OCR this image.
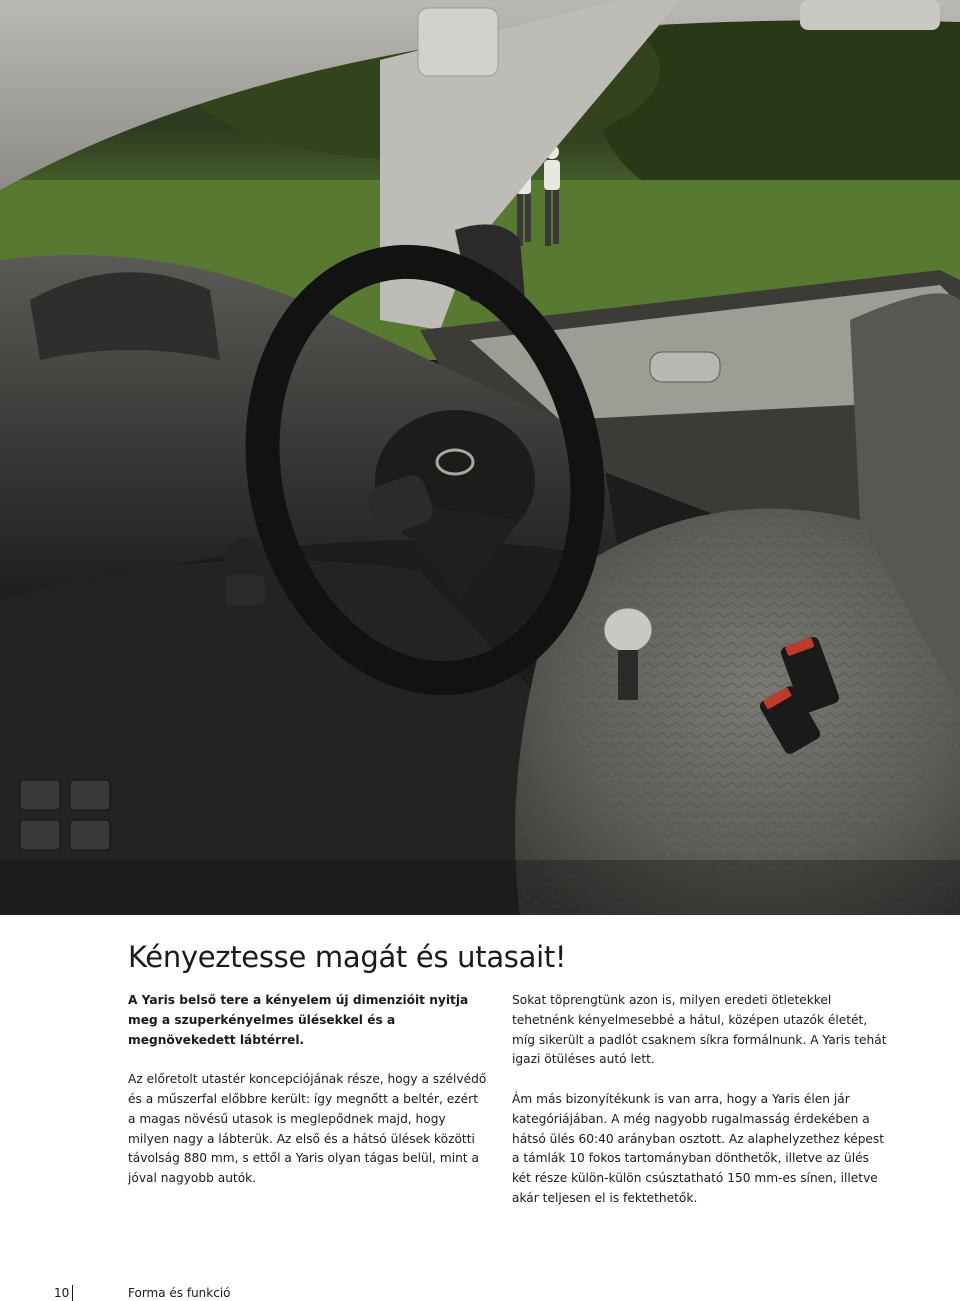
Kényeztesse magát és utasait!

A Yaris belső tere a kényelem új dimenzióit nyitja meg a szuperkényelmes ülésekkel és a megnövekedett lábtérrel.

Az előretolt utastér koncepciójának része, hogy a szélvédő és a műszerfal előbbre került: így megnőtt a beltér, ezért a magas növésű utasok is meglepődnek majd, hogy milyen nagy a lábterük. Az első és a hátsó ülések közötti távolság 880 mm, s ettől a Yaris olyan tágas belül, mint a jóval nagyobb autók.

Sokat töprengtünk azon is, milyen eredeti ötletekkel tehetnénk kényelmesebbé a hátul, középen utazók életét, míg sikerült a padlót csaknem síkra formálnunk. A Yaris tehát igazi ötüléses autó lett.

Ám más bizonyítékunk is van arra, hogy a Yaris élen jár kategóriájában. A még nagyobb rugalmasság érdekében a hátsó ülés 60:40 arányban osztott. Az alaphelyzethez képest a támlák 10 fokos tartományban dönthetők, illetve az ülés két része külön-külön csúsztatható 150 mm-es sínen, illetve akár teljesen el is fektethetők.

10	Forma és funkció
